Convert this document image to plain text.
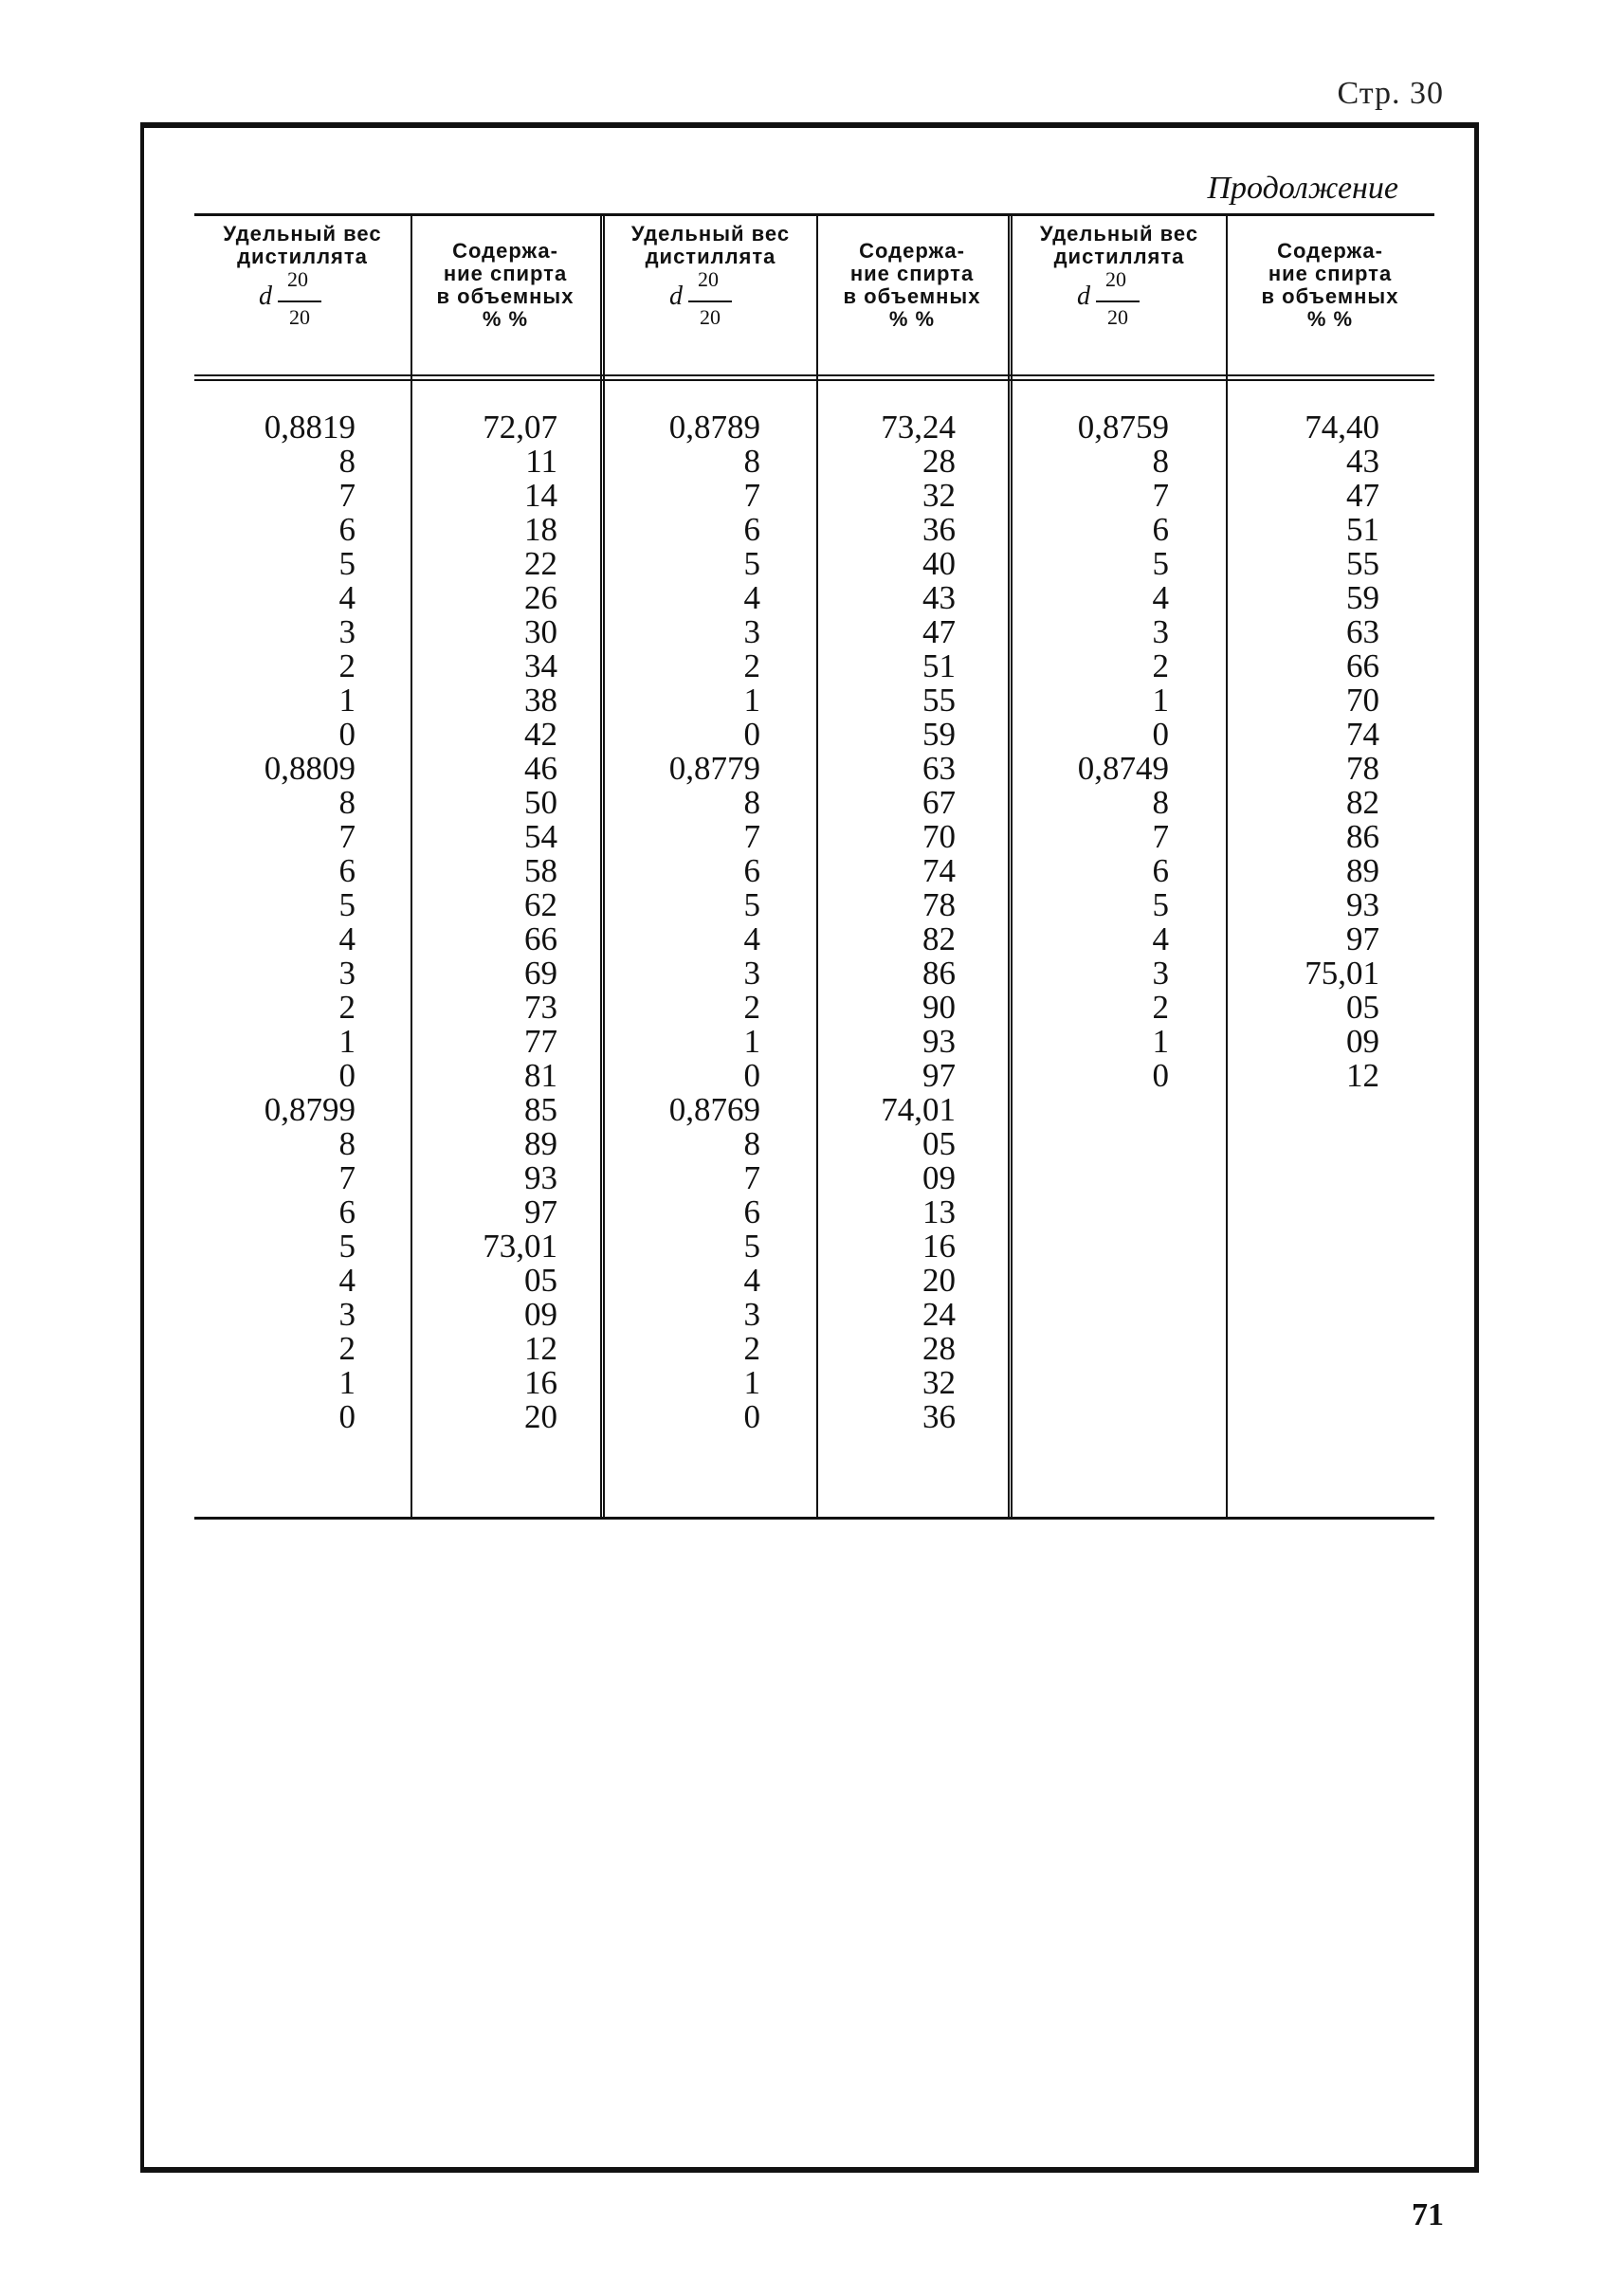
Стр. 30
Продолжение
Удельный вес
дистиллята
d
20
20
Содержа-
ние спирта
в объемных
% %
Удельный вес
дистиллята
d
20
20
Содержа-
ние спирта
в объемных
% %
Удельный вес
дистиллята
d
20
20
Содержа-
ние спирта
в объемных
% %
0,8819
8
7
6
5
4
3
2
1
0
0,8809
8
7
6
5
4
3
2
1
0
0,8799
8
7
6
5
4
3
2
1
0
72,07
11
14
18
22
26
30
34
38
42
46
50
54
58
62
66
69
73
77
81
85
89
93
97
73,01
05
09
12
16
20
0,8789
8
7
6
5
4
3
2
1
0
0,8779
8
7
6
5
4
3
2
1
0
0,8769
8
7
6
5
4
3
2
1
0
73,24
28
32
36
40
43
47
51
55
59
63
67
70
74
78
82
86
90
93
97
74,01
05
09
13
16
20
24
28
32
36
0,8759
8
7
6
5
4
3
2
1
0
0,8749
8
7
6
5
4
3
2
1
0
74,40
43
47
51
55
59
63
66
70
74
78
82
86
89
93
97
75,01
05
09
12
71
